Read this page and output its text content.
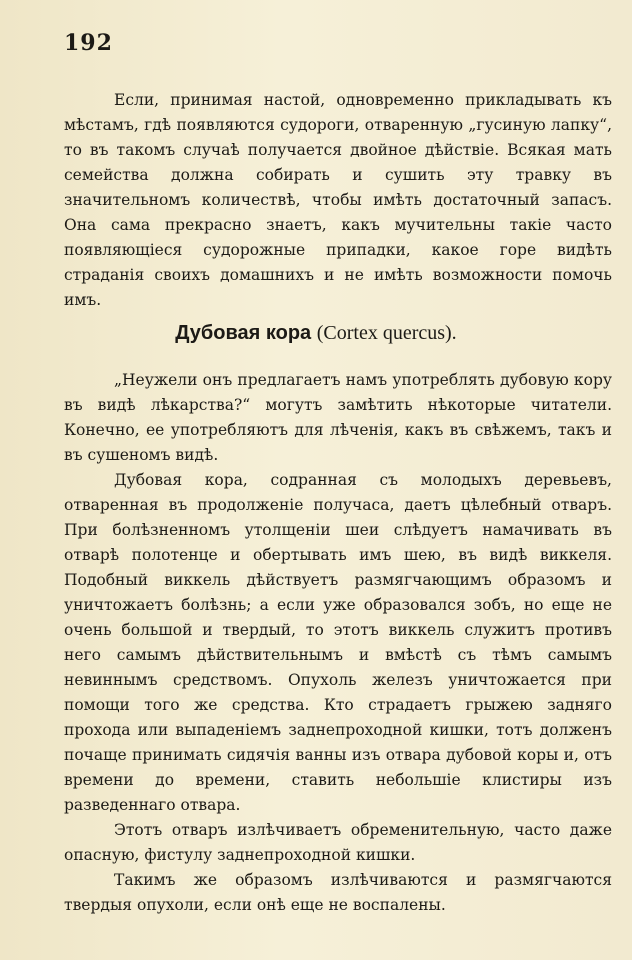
192

Если, принимая настой, одновременно прикладывать къ мѣстамъ, гдѣ появляются судороги, отваренную „гусиную лапку“, то въ такомъ случаѣ получается двойное дѣйствіе. Всякая мать семейства должна собирать и сушить эту травку въ значительномъ количествѣ, чтобы имѣть достаточный запасъ. Она сама прекрасно знаетъ, какъ мучительны такіе часто появляющіеся судорожные припадки, какое горе видѣть страданія своихъ домашнихъ и не имѣть возможности помочь имъ.

Дубовая кора (Cortex quercus).

„Неужели онъ предлагаетъ намъ употреблять дубовую кору въ видѣ лѣкарства?“ могутъ замѣтить нѣкоторые читатели. Конечно, ее употребляютъ для лѣченія, какъ въ свѣжемъ, такъ и въ сушеномъ видѣ.

Дубовая кора, содранная съ молодыхъ деревьевъ, отваренная въ продолженіе получаса, даетъ цѣлебный отваръ. При болѣзненномъ утолщеніи шеи слѣдуетъ намачивать въ отварѣ полотенце и обертывать имъ шею, въ видѣ виккеля. Подобный виккель дѣйствуетъ размягчающимъ образомъ и уничтожаетъ болѣзнь; а если уже образовался зобъ, но еще не очень большой и твердый, то этотъ виккель служитъ противъ него самымъ дѣйствительнымъ и вмѣстѣ съ тѣмъ самымъ невиннымъ средствомъ. Опухоль железъ уничтожается при помощи того же средства. Кто страдаетъ грыжею задняго прохода или выпаденіемъ заднепроходной кишки, тотъ долженъ почаще принимать сидячія ванны изъ отвара дубовой коры и, отъ времени до времени, ставить небольшіе клистиры изъ разведеннаго отвара.

Этотъ отваръ излѣчиваетъ обременительную, часто даже опасную, фистулу заднепроходной кишки.

Такимъ же образомъ излѣчиваются и размягчаются твердыя опухоли, если онѣ еще не воспалены.
